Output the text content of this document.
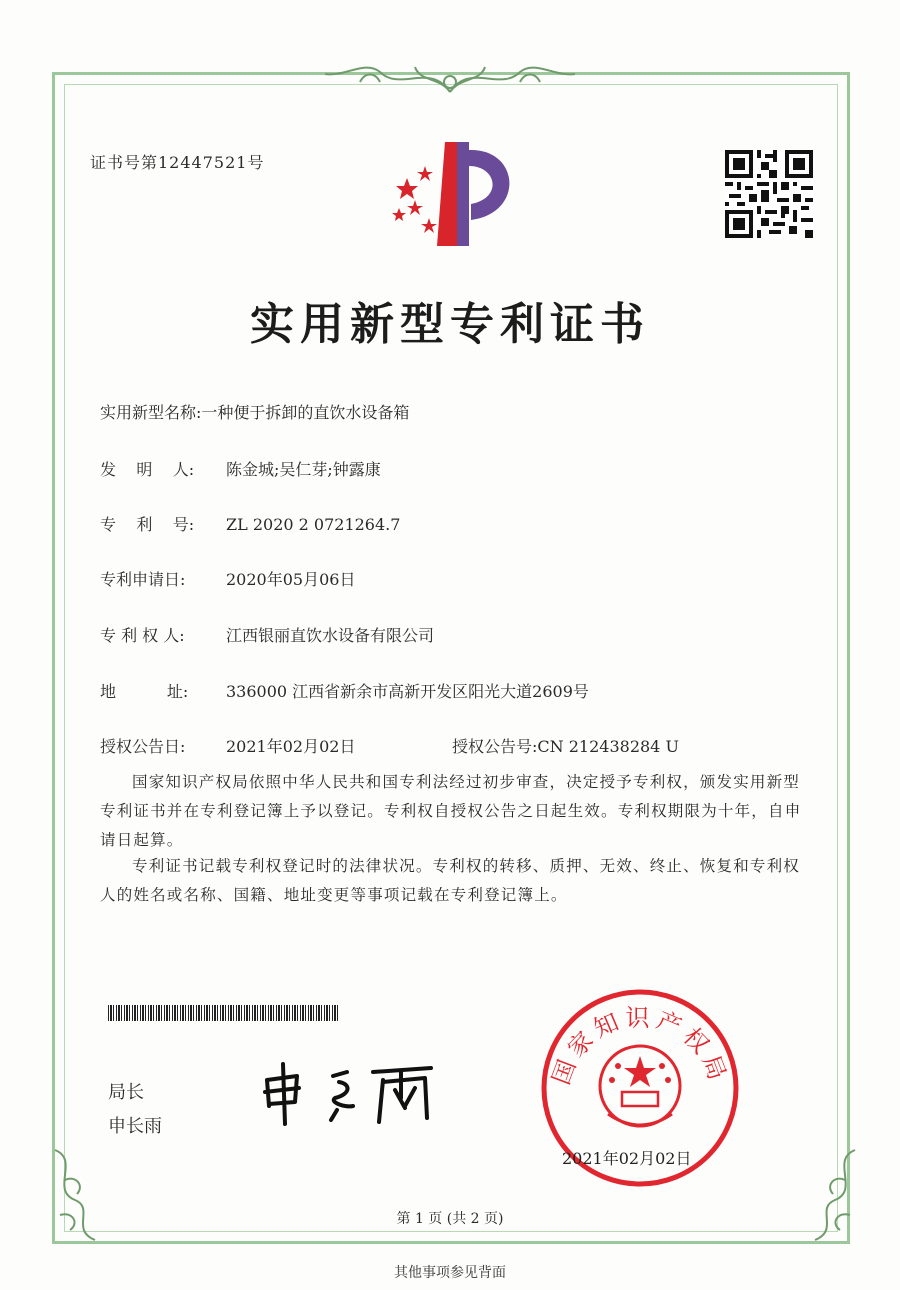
证书号第12447521号
实用新型专利证书
实用新型名称:一种便于拆卸的直饮水设备箱
发    明    人: 陈金城;吴仁芽;钟露康
专    利    号: ZL 2020 2 0721264.7
专利申请日:	2020年05月06日
专 利 权 人:	江西银丽直饮水设备有限公司
地          址: 336000 江西省新余市高新开发区阳光大道2609号
授权公告日:	2021年02月02日	授权公告号:CN 212438284 U
国家知识产权局依照中华人民共和国专利法经过初步审查，决定授予专利权，颁发实用新型专利证书并在专利登记簿上予以登记。专利权自授权公告之日起生效。专利权期限为十年，自申请日起算。
专利证书记载专利权登记时的法律状况。专利权的转移、质押、无效、终止、恢复和专利权人的姓名或名称、国籍、地址变更等事项记载在专利登记簿上。
局长
申长雨
国家知识产权局
2021年02月02日
第 1 页 (共 2 页)
其他事项参见背面
